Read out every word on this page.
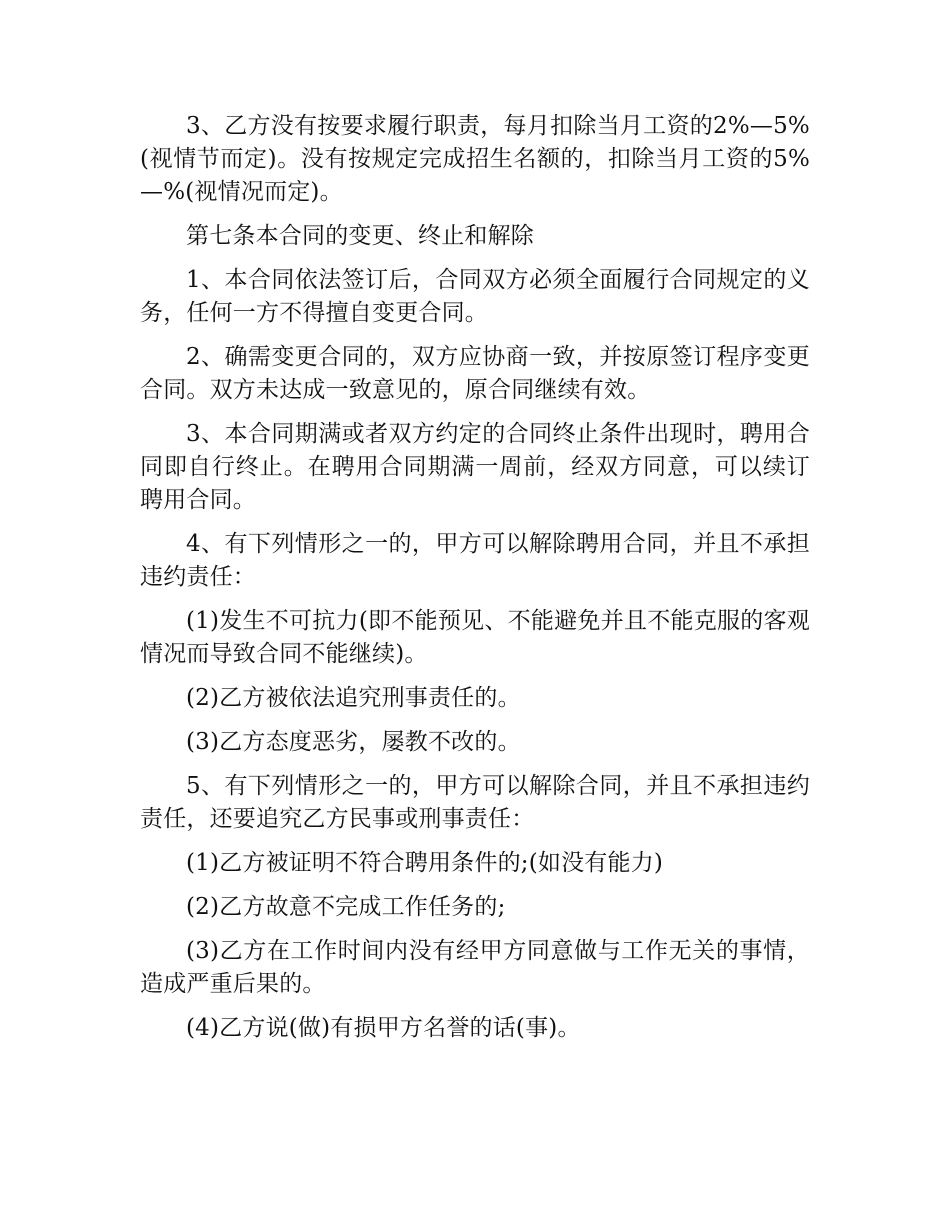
3、乙方没有按要求履行职责，每月扣除当月工资的2%—5%(视情节而定)。没有按规定完成招生名额的，扣除当月工资的5%—%(视情况而定)。

第七条本合同的变更、终止和解除

1、本合同依法签订后，合同双方必须全面履行合同规定的义务，任何一方不得擅自变更合同。

2、确需变更合同的，双方应协商一致，并按原签订程序变更合同。双方未达成一致意见的，原合同继续有效。

3、本合同期满或者双方约定的合同终止条件出现时，聘用合同即自行终止。在聘用合同期满一周前，经双方同意，可以续订聘用合同。

4、有下列情形之一的，甲方可以解除聘用合同，并且不承担违约责任：

(1)发生不可抗力(即不能预见、不能避免并且不能克服的客观情况而导致合同不能继续)。

(2)乙方被依法追究刑事责任的。

(3)乙方态度恶劣，屡教不改的。

5、有下列情形之一的，甲方可以解除合同，并且不承担违约责任，还要追究乙方民事或刑事责任：

(1)乙方被证明不符合聘用条件的;(如没有能力)

(2)乙方故意不完成工作任务的;

(3)乙方在工作时间内没有经甲方同意做与工作无关的事情，造成严重后果的。

(4)乙方说(做)有损甲方名誉的话(事)。
